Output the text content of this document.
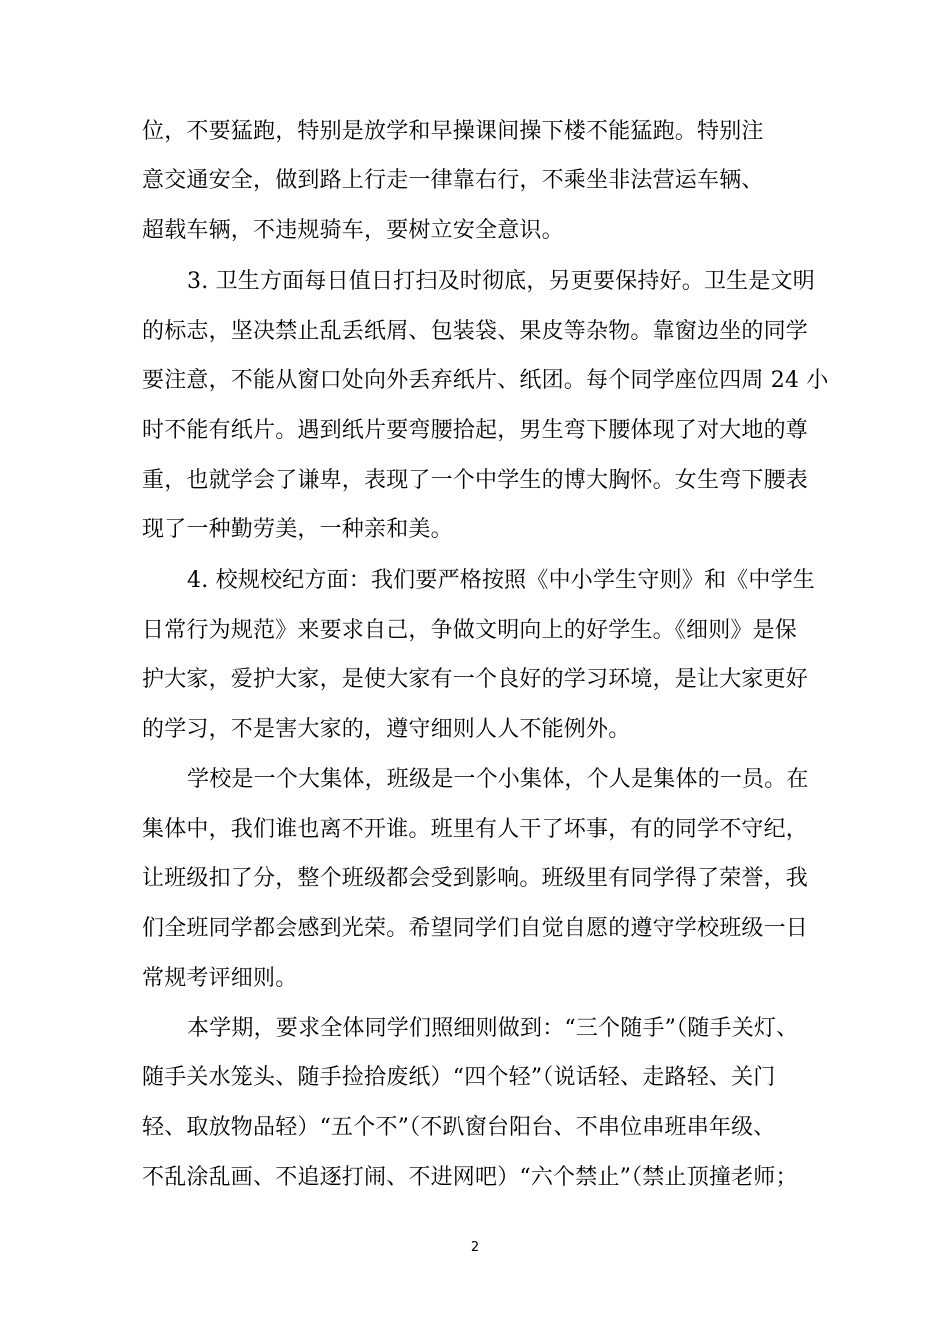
位，不要猛跑，特别是放学和早操课间操下楼不能猛跑。特别注
意交通安全，做到路上行走一律靠右行，不乘坐非法营运车辆、
超载车辆，不违规骑车，要树立安全意识。
3. 卫生方面每日值日打扫及时彻底，另更要保持好。卫生是文明
的标志，坚决禁止乱丢纸屑、包装袋、果皮等杂物。靠窗边坐的同学
要注意，不能从窗口处向外丢弃纸片、纸团。每个同学座位四周 24 小
时不能有纸片。遇到纸片要弯腰拾起，男生弯下腰体现了对大地的尊
重，也就学会了谦卑，表现了一个中学生的博大胸怀。女生弯下腰表
现了一种勤劳美，一种亲和美。
4. 校规校纪方面：我们要严格按照《中小学生守则》和《中学生
日常行为规范》来要求自己，争做文明向上的好学生。《细则》是保
护大家，爱护大家，是使大家有一个良好的学习环境，是让大家更好
的学习，不是害大家的，遵守细则人人不能例外。
学校是一个大集体，班级是一个小集体，个人是集体的一员。在
集体中，我们谁也离不开谁。班里有人干了坏事，有的同学不守纪，
让班级扣了分，整个班级都会受到影响。班级里有同学得了荣誉，我
们全班同学都会感到光荣。希望同学们自觉自愿的遵守学校班级一日
常规考评细则。
本学期，要求全体同学们照细则做到：“三个随手”（随手关灯、
随手关水笼头、随手捡拾废纸）“四个轻”（说话轻、走路轻、关门
轻、取放物品轻）“五个不”（不趴窗台阳台、不串位串班串年级、
不乱涂乱画、不追逐打闹、不进网吧）“六个禁止”（禁止顶撞老师；
2
